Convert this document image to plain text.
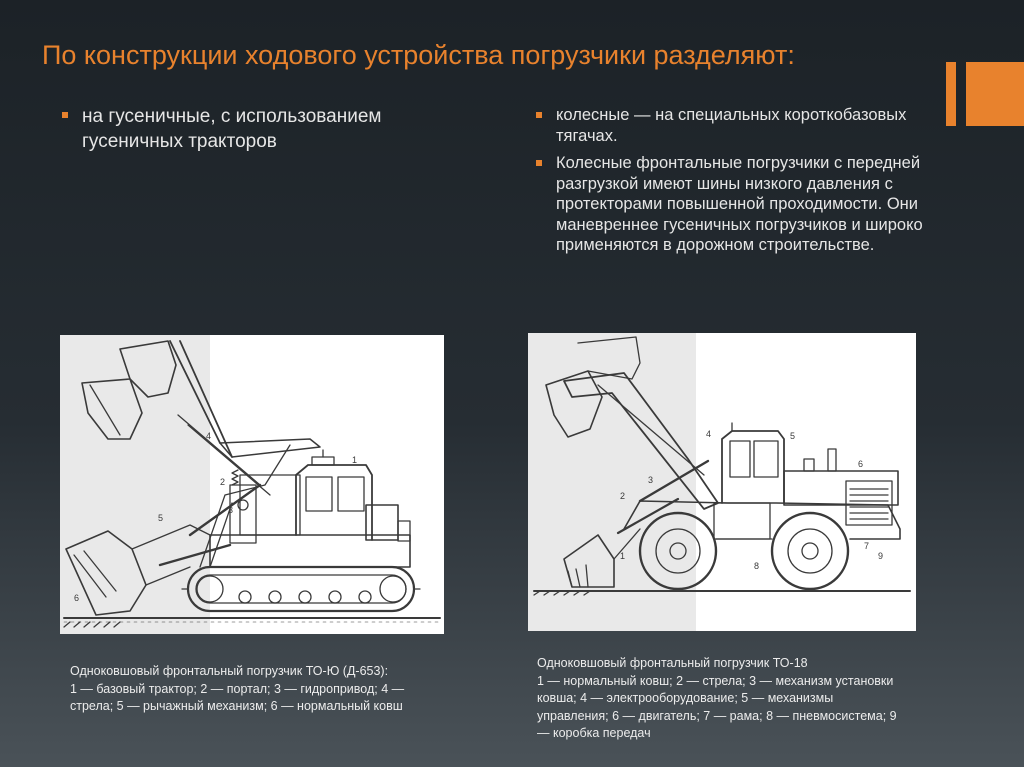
По конструкции ходового устройства погрузчики разделяют:
на гусеничные, с использованием гусеничных тракторов
колесные — на специальных короткобазовых тягачах.
Колесные фронтальные погрузчики с передней разгрузкой имеют шины низкого давления с протекторами повышенной проходимости. Они маневреннее гусеничных погрузчиков и широко применяются в дорожном строительстве.
1
2
3
4
5
6
1
2
3
4	5
6
7
8
9
Одноковшовый фронтальный погрузчик ТО-Ю (Д-653):
1 — базовый трактор; 2 — портал; 3 — гидропривод; 4 — стрела; 5 — рычажный механизм; 6 — нормальный ковш
Одноковшовый фронтальный погрузчик ТО-18
1 — нормальный ковш; 2 — стрела; 3 — механизм установки ковша; 4 — электрооборудование; 5 — механизмы управления; 6 — двигатель; 7 — рама; 8 — пневмосистема; 9 — коробка передач
